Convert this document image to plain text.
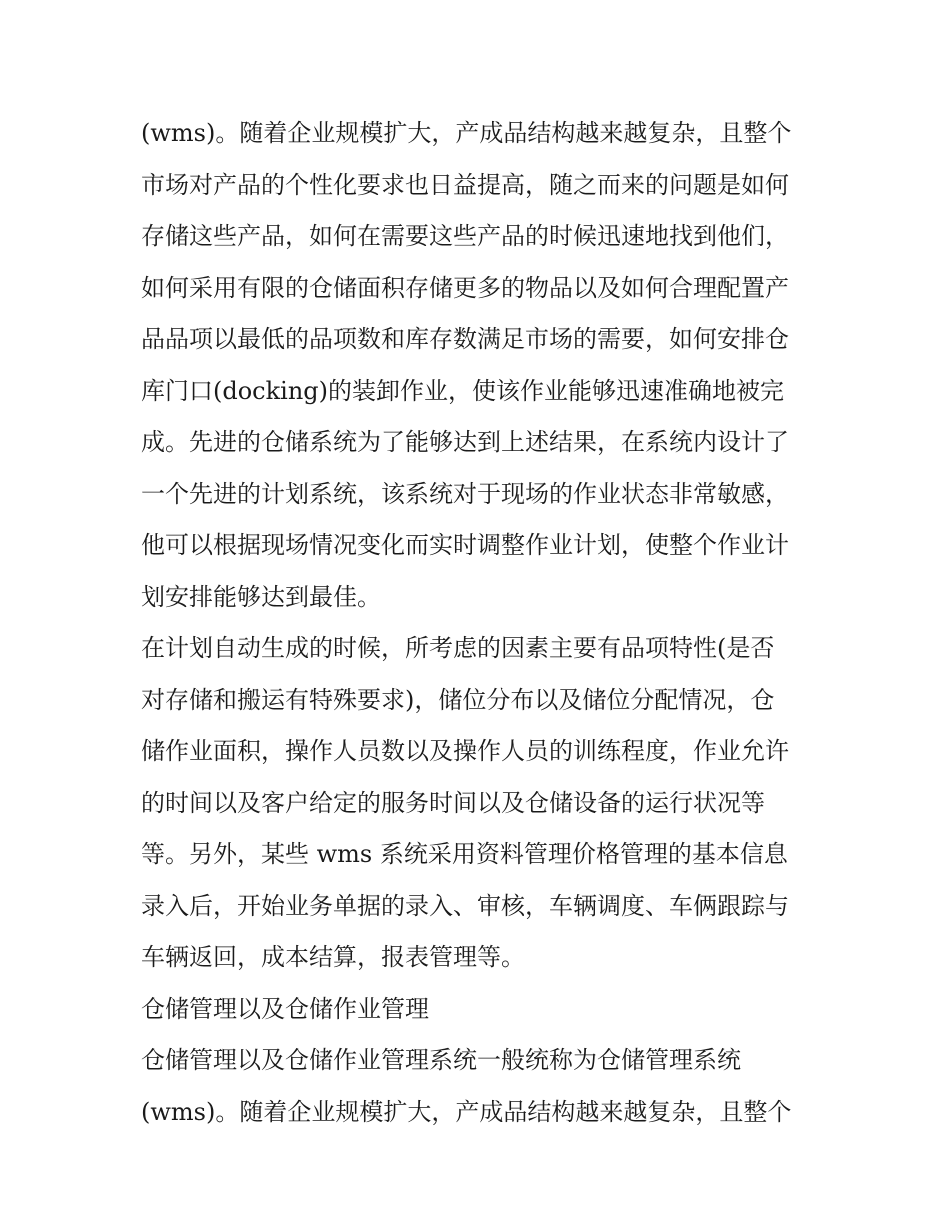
(wms)。随着企业规模扩大，产成品结构越来越复杂，且整个
市场对产品的个性化要求也日益提高，随之而来的问题是如何
存储这些产品，如何在需要这些产品的时候迅速地找到他们，
如何采用有限的仓储面积存储更多的物品以及如何合理配置产
品品项以最低的品项数和库存数满足市场的需要，如何安排仓
库门口(docking)的装卸作业，使该作业能够迅速准确地被完
成。先进的仓储系统为了能够达到上述结果，在系统内设计了
一个先进的计划系统，该系统对于现场的作业状态非常敏感，
他可以根据现场情况变化而实时调整作业计划，使整个作业计
划安排能够达到最佳。
在计划自动生成的时候，所考虑的因素主要有品项特性(是否
对存储和搬运有特殊要求)，储位分布以及储位分配情况，仓
储作业面积，操作人员数以及操作人员的训练程度，作业允许
的时间以及客户给定的服务时间以及仓储设备的运行状况等
等。另外，某些 wms 系统采用资料管理价格管理的基本信息
录入后，开始业务单据的录入、审核，车辆调度、车俩跟踪与
车辆返回，成本结算，报表管理等。
仓储管理以及仓储作业管理
仓储管理以及仓储作业管理系统一般统称为仓储管理系统
(wms)。随着企业规模扩大，产成品结构越来越复杂，且整个
